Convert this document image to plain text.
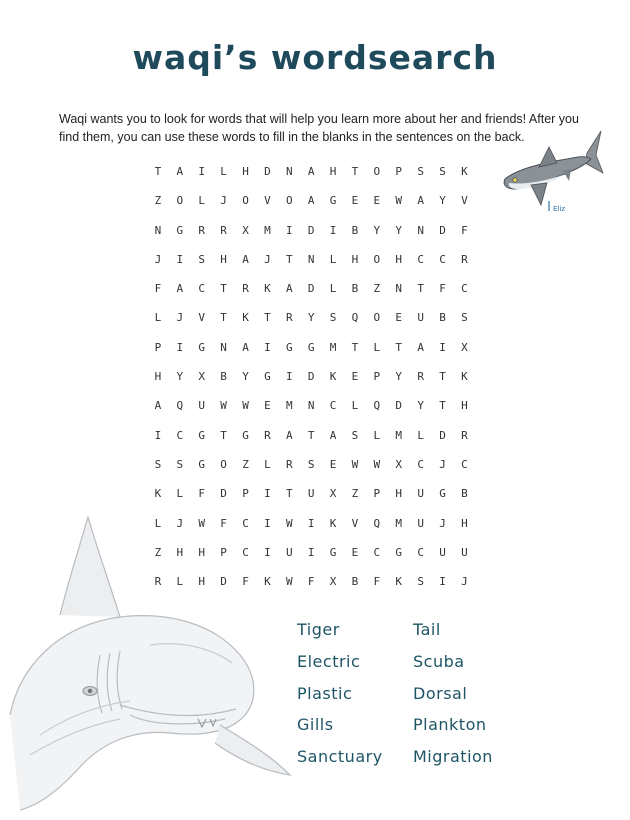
waqi’s wordsearch
Waqi wants you to look for words that will help you learn more about her and friends! After you find them, you can use these words to fill in the blanks in the sentences on the back.
Eliz
T	A	I	L	H	D	N	A	H	T	O	P	S	S	K
Z	O	L	J	O	V	O	A	G	E	E	W	A	Y	V
N	G	R	R	X	M	I	D	I	B	Y	Y	N	D	F
J	I	S	H	A	J	T	N	L	H	O	H	C	C	R
F	A	C	T	R	K	A	D	L	B	Z	N	T	F	C
L	J	V	T	K	T	R	Y	S	Q	O	E	U	B	S
P	I	G	N	A	I	G	G	M	T	L	T	A	I	X
H	Y	X	B	Y	G	I	D	K	E	P	Y	R	T	K
A	Q	U	W	W	E	M	N	C	L	Q	D	Y	T	H
I	C	G	T	G	R	A	T	A	S	L	M	L	D	R
S	S	G	O	Z	L	R	S	E	W	W	X	C	J	C
K	L	F	D	P	I	T	U	X	Z	P	H	U	G	B
L	J	W	F	C	I	W	I	K	V	Q	M	U	J	H
Z	H	H	P	C	I	U	I	G	E	C	G	C	U	U
R	L	H	D	F	K	W	F	X	B	F	K	S	I	J
Tiger
Electric
Plastic
Gills
Sanctuary
Tail
Scuba
Dorsal
Plankton
Migration
